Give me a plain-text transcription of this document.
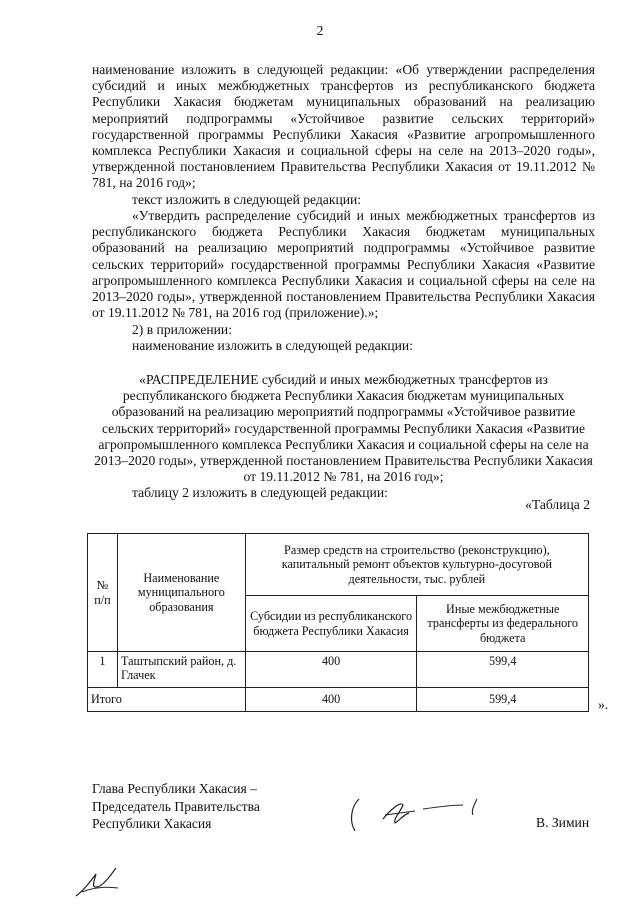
2
наименование изложить в следующей редакции: «Об утверждении распределения субсидий и иных межбюджетных трансфертов из республиканского бюджета Республики Хакасия бюджетам муниципальных образований на реализацию мероприятий подпрограммы «Устойчивое развитие сельских территорий» государственной программы Республики Хакасия «Развитие агропромышленного комплекса Республики Хакасия и социальной сферы на селе на 2013–2020 годы», утвержденной постановлением Правительства Республики Хакасия от 19.11.2012 № 781, на 2016 год»;
текст изложить в следующей редакции:
«Утвердить распределение субсидий и иных межбюджетных трансфертов из республиканского бюджета Республики Хакасия бюджетам муниципальных образований на реализацию мероприятий подпрограммы «Устойчивое развитие сельских территорий» государственной программы Республики Хакасия «Развитие агропромышленного комплекса Республики Хакасия и социальной сферы на селе на 2013–2020 годы», утвержденной постановлением Правительства Республики Хакасия от 19.11.2012 № 781, на 2016 год (приложение).»;
2) в приложении:
наименование изложить в следующей редакции:
«РАСПРЕДЕЛЕНИЕ субсидий и иных межбюджетных трансфертов из республиканского бюджета Республики Хакасия бюджетам муниципальных образований на реализацию мероприятий подпрограммы «Устойчивое развитие сельских территорий» государственной программы Республики Хакасия «Развитие агропромышленного комплекса Республики Хакасия и социальной сферы на селе на 2013–2020 годы», утвержденной постановлением Правительства Республики Хакасия от 19.11.2012 № 781, на 2016 год»;
таблицу 2 изложить в следующей редакции:
«Таблица 2
№ п/п	Наименование муниципального образования	Размер средств на строительство (реконструкцию), капитальный ремонт объектов культурно-досуговой деятельности, тыс. рублей	
		Субсидии из республиканского бюджета Республики Хакасия	Иные межбюджетные трансферты из федерального бюджета
1	Таштыпский район, д. Глачек	400	599,4
Итого		400	599,4	».
Глава Республики Хакасия –
Председатель Правительства
Республики Хакасия	В. Зимин
